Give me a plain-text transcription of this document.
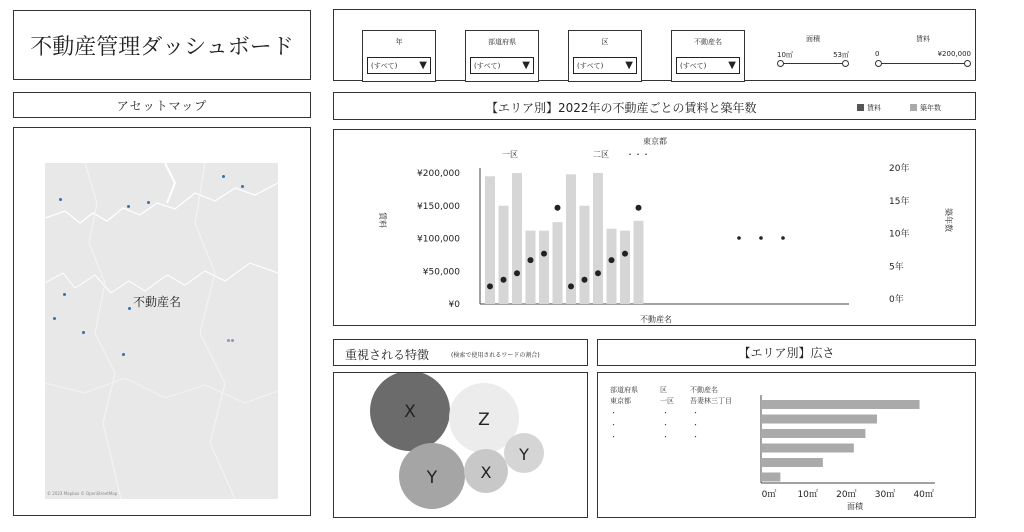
不動産管理ダッシュボード	年
(すべて) ▼
部道府県
(すべて) ▼
区
(すべて) ▼
不動産名
(すべて) ▼
面積
10㎡	53㎡
賃料
0	¥200,000
アセットマップ
不動産名
© 2023 Mapbox © OpenStreetMap
【エリア別】2022年の不動産ごとの賃料と築年数	賃料	築年数
東京都
一区	二区 ・・・
¥200,000
¥150,000
¥100,000
¥50,000
¥0
20年
15年
10年
5年
0年
不動産名
賃料	築年数
重視される特徴	(検索で使用されるワードの割合)
X	Z
Y
Y	X
【エリア別】広さ
部道府県	区	不動産名
東京都	一区 吾妻林三丁目
・	・	・
・	・	・
・	・	・
0㎡ 10㎡ 20㎡ 30㎡ 40㎡
面積
